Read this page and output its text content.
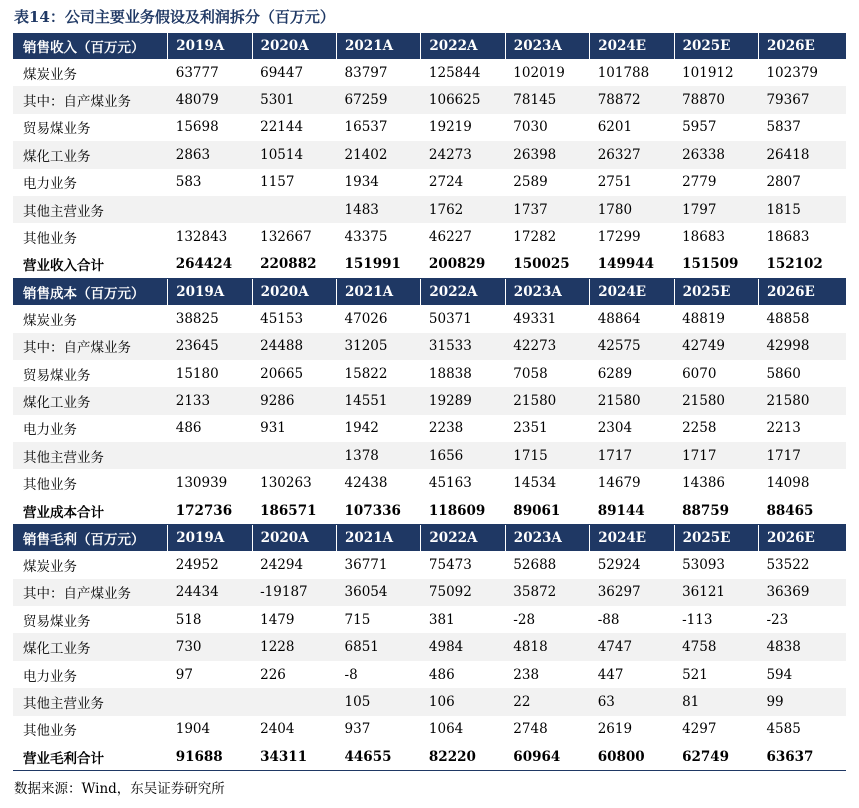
表14：公司主要业务假设及利润拆分（百万元）
销售收入（百万元）	2019A	2020A	2021A	2022A	2023A	2024E	2025E	2026E
煤炭业务	63777	69447	83797	125844	102019	101788	101912	102379
其中：自产煤业务	48079	5301	67259	106625	78145	78872	78870	79367
贸易煤业务	15698	22144	16537	19219	7030	6201	5957	5837
煤化工业务	2863	10514	21402	24273	26398	26327	26338	26418
电力业务	583	1157	1934	2724	2589	2751	2779	2807
其他主营业务			1483	1762	1737	1780	1797	1815
其他业务	132843	132667	43375	46227	17282	17299	18683	18683
营业收入合计	264424	220882	151991	200829	150025	149944	151509	152102
销售成本（百万元）	2019A	2020A	2021A	2022A	2023A	2024E	2025E	2026E
煤炭业务	38825	45153	47026	50371	49331	48864	48819	48858
其中：自产煤业务	23645	24488	31205	31533	42273	42575	42749	42998
贸易煤业务	15180	20665	15822	18838	7058	6289	6070	5860
煤化工业务	2133	9286	14551	19289	21580	21580	21580	21580
电力业务	486	931	1942	2238	2351	2304	2258	2213
其他主营业务			1378	1656	1715	1717	1717	1717
其他业务	130939	130263	42438	45163	14534	14679	14386	14098
营业成本合计	172736	186571	107336	118609	89061	89144	88759	88465
销售毛利（百万元）	2019A	2020A	2021A	2022A	2023A	2024E	2025E	2026E
煤炭业务	24952	24294	36771	75473	52688	52924	53093	53522
其中：自产煤业务	24434	-19187	36054	75092	35872	36297	36121	36369
贸易煤业务	518	1479	715	381	-28	-88	-113	-23
煤化工业务	730	1228	6851	4984	4818	4747	4758	4838
电力业务	97	226	-8	486	238	447	521	594
其他主营业务			105	106	22	63	81	99
其他业务	1904	2404	937	1064	2748	2619	4297	4585
营业毛利合计	91688	34311	44655	82220	60964	60800	62749	63637
数据来源：Wind，东吴证券研究所
